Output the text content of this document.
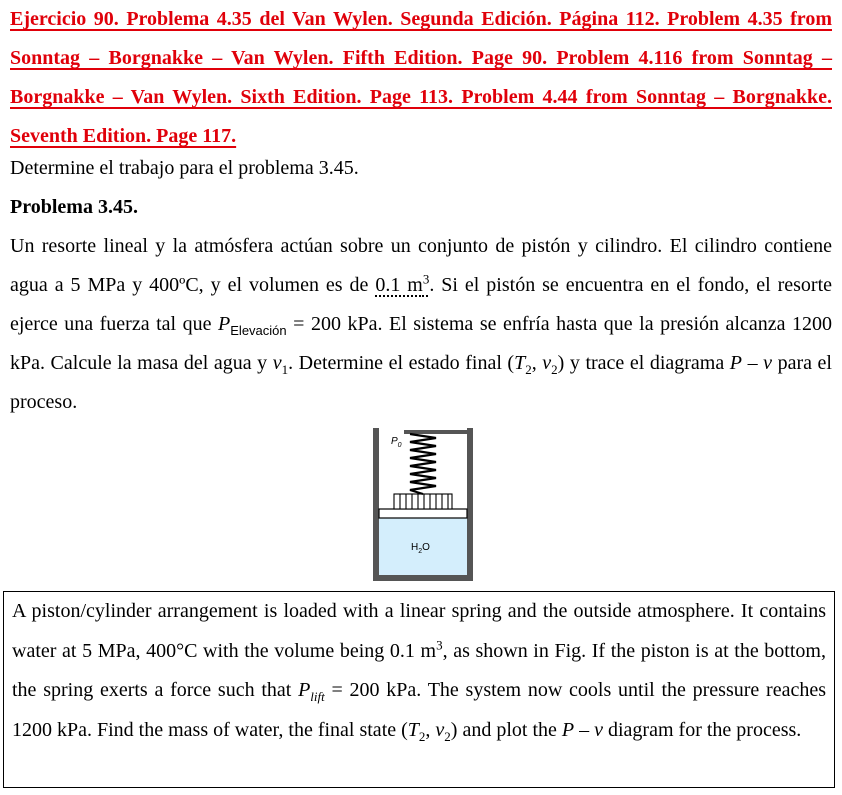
Ejercicio 90. Problema 4.35 del Van Wylen. Segunda Edición. Página 112. Problem 4.35 from Sonntag – Borgnakke – Van Wylen. Fifth Edition. Page 90. Problem 4.116 from Sonntag – Borgnakke – Van Wylen. Sixth Edition. Page 113. Problem 4.44 from Sonntag – Borgnakke. Seventh Edition. Page 117.
Determine el trabajo para el problema 3.45.
Problema 3.45.
Un resorte lineal y la atmósfera actúan sobre un conjunto de pistón y cilindro. El cilindro contiene agua a 5 MPa y 400ºC, y el volumen es de 0.1 $m^3$. Si el pistón se encuentra en el fondo, el resorte ejerce una fuerza tal que $P_{Elevación} = 200$ kPa. El sistema se enfría hasta que la presión alcanza 1200 kPa. Calcule la masa del agua y $v_1$. Determine el estado final ($T_2$, $v_2$) y trace el diagrama P – v para el proceso.
$P_0$
$H_2O$
A piston/cylinder arrangement is loaded with a linear spring and the outside atmosphere. It contains water at 5 MPa, 400°C with the volume being 0.1 $m^3$, as shown in Fig. If the piston is at the bottom, the spring exerts a force such that $P_{lift} = 200$ kPa. The system now cools until the pressure reaches 1200 kPa. Find the mass of water, the final state ($T_2$, $v_2$) and plot the P – v diagram for the process.
